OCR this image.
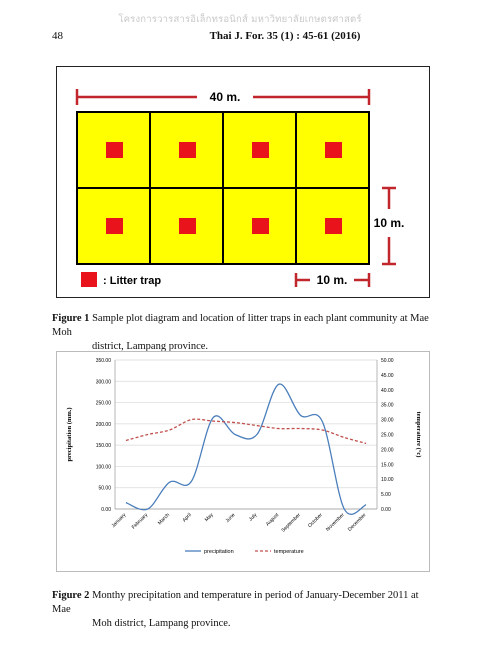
โครงการวารสารอิเล็กทรอนิกส์ มหาวิทยาลัยเกษตรศาสตร์
48	Thai J. For. 35 (1) : 45-61 (2016)
40 m.
10 m.
: Litter trap	10 m.
Figure 1 Sample plot diagram and location of litter traps in each plant community at Mae Moh
district, Lampang province.
0.00
50.00
100.00
150.00
200.00
250.00
300.00
350.00
0.00
5.00
10.00
15.00
20.00
25.00
30.00
35.00
40.00
45.00
50.00
January February March April May June July August September October November December
precipitation (mm.)	temperature (°c)
precipitation	temperature
Figure 2 Monthy precipitation and temperature in period of January-December 2011 at Mae
Moh district, Lampang province.
